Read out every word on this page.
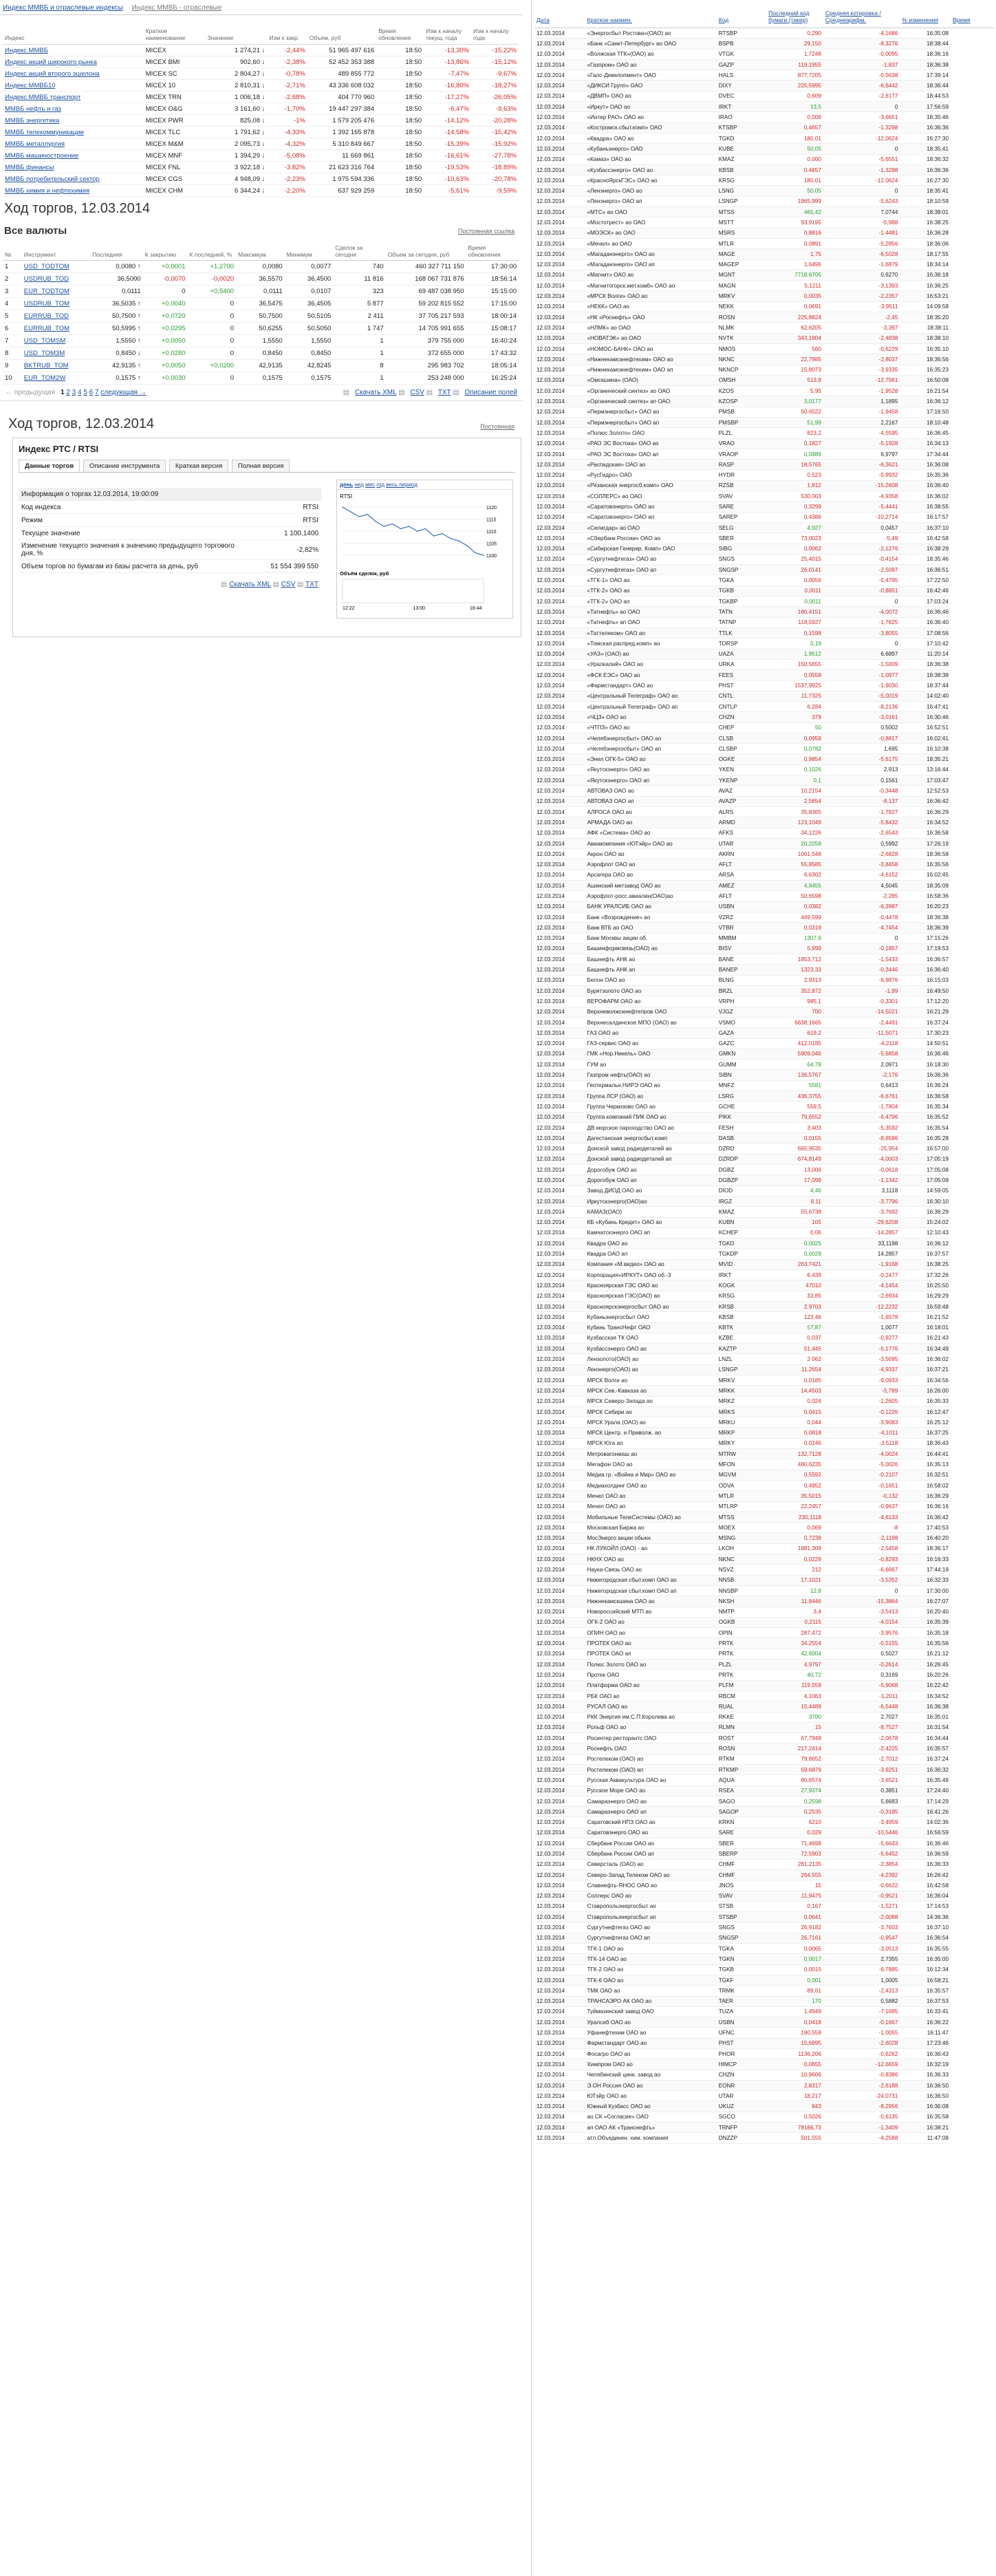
Индекс ММВБ и отраслевые индексы Индекс ММВБ - отраслевые
Индекс	Краткое наименование	Значение	Изм к закр.	Объем, руб	Время обновления	Изм к началу текущ. года	Изм к началу года
Индекс ММВБ	MICEX	1 274,21 ↓	-2,44%	51 965 497 616	18:50	-13,30%	-15,22%
Индекс акций широкого рынка	MICEX BMI	902,60 ↓	-2,38%	52 452 353 388	18:50	-13,86%	-15,12%
Индекс акций второго эшелона	MICEX SC	2 804,27 ↓	-0,78%	489 855 772	18:50	-7,47%	-9,67%
Индекс ММВБ10	MICEX 10	2 810,31 ↓	-2,71%	43 336 608 032	18:50	-16,80%	-18,27%
Индекс ММВБ транспорт	MICEX TRN	1 006,18 ↓	-2,68%	404 770 960	18:50	-17,27%	-26,05%
ММВБ нефть и газ	MICEX O&G	3 161,60 ↓	-1,70%	19 447 297 384	18:50	-6,47%	-9,63%
ММВБ энергетика	MICEX PWR	825,08 ↓	-1%	1 579 205 476	18:50	-14,12%	-20,28%
ММВБ телекоммуникации	MICEX TLC	1 791,62 ↓	-4,33%	1 392 165 878	18:50	-14,58%	-15,42%
ММВБ металлургия	MICEX M&M	2 095,73 ↓	-4,32%	5 310 849 667	18:50	-15,39%	-15,92%
ММВБ машиностроение	MICEX MNF	1 394,29 ↓	-5,08%	11 669 861	18:50	-16,61%	-27,78%
ММВБ финансы	MICEX FNL	3 922,18 ↓	-3,82%	21 623 316 764	18:50	-19,53%	-18,89%
ММВБ потребительский сектор	MICEX CGS	4 948,09 ↓	-2,23%	1 975 594 336	18:50	-10,63%	-20,78%
ММВБ химия и нефтехимия	MICEX CHM	6 344,24 ↓	-2,20%	637 929 259	18:50	-5,61%	-9,59%
Ход торгов, 12.03.2014
Все валюты	Постоянная ссылка
№	Инструмент	Последняя	К закрытию	К последней, %	Максимум	Минимум	Сделок за сегодня	Объем за сегодня, руб	Время обновления
1	USD_TODTOM	0,0080 ↑	+0,0001	+1,2700	0,0080	0,0077	740	460 327 711 150	17:30:00
2	USDRUB_TOD	36,5000	-0,0070	-0,0020	36,5570	36,4500	11 816	168 067 731 876	18:56:14
3	EUR_TODTOM	0,0111	0	+0,5400	0,0111	0,0107	323	69 487 038 950	15:15:00
4	USDRUB_TOM	36,5035 ↑	+0,0040	0	36,5475	36,4505	5 877	59 202 815 552	17:15:00
5	EURRUB_TOD	50,7500 ↑	+0,0720	0	50,7500	50,5105	2 411	37 705 217 593	18:00:14
6	EURRUB_TOM	50,5995 ↑	+0,0295	0	50,6255	50,5050	1 747	14 705 991 655	15:08:17
7	USD_TOMSM	1,5550 ↑	+0,0050	0	1,5550	1,5550	1	379 755 000	16:40:24
8	USD_TOM3M	0,8450 ↓	+0,0280	0	0,8450	0,8450	1	372 655 000	17:43:32
9	BKTRUB_TOM	42,9135 ↑	+0,0050	+0,0200	42,9135	42,8245	8	295 983 702	18:05:14
10	EUR_TOM2W	0,1575 ↑	+0,0030	0	0,1575	0,1575	1	253 248 000	16:25:24
← предыдущая 1 2 3 4 5 6 7 следующая →	▤ Скачать XML ▤ CSV ▤ TXT ▤ Описание полей
Ход торгов, 12.03.2014	Постоянная
Индекс РТС / RTSI
Данные торгов Описание инструмента Краткая версия Полная версия
Информация о торгах 12.03.2014, 19:00:09	
Код индекса	RTSI
Режим	RTSI
Текущее значение	1 100,1400
Изменение текущего значения к значению предыдущего торгового дня, %	-2,82%
Объем торгов по бумагам из базы расчета за день, руб	51 554 399 550
▤ Скачать XML ▤ CSV ▤ TXT	
день нед мес год весь период
RTSI
1120
1115
1110
1105
1100
Объём сделок, руб
12:22	13:00	16:44
Дата	Краткое наимен.	Код	Последний код бумаги (тикер)	Средняя котировка / Среднеарифм.	% изменения	Время
12.03.2014	«Энергосбыт Ростова»(ОАО) ао	RTSBP	0,290	-4,1686	16:35:08	
12.03.2014	«Банк «Санкт-Петербург» ао ОАО	BSPB	29,150	-8,3276	18:38:44	
12.03.2014	«Волжская ТГК»(ОАО) ао	VTGK	1,7248	-0,0095	18:36:16	
12.03.2014	«Газпром» ОАО ао	GAZP	119,1955	-1,837	18:36:38	
12.03.2014	«Галс-Девелопмент» ОАО	HALS	877,7205	-0,5638	17:39:14	
12.03.2014	«ДИКСИ Групп» ОАО	DIXY	225,5995	-6,6442	18:36:44	
12.03.2014	«ДВМП» ОАО ао	DVEC	0,609	-2,6177	18:44:53	
12.03.2014	«Иркут» ОАО ао	IRKT	13,5	0	17:56:59	
12.03.2014	«Интер РАО» ОАО ао	IRAO	0,006	-3,6651	18:35:46	
12.03.2014	«Костромск.сбыт.комп» ОАО	KTSBP	0,4657	-1,3298	16:36:36	
12.03.2014	«Квадра» ОАО ао	TGKD	180,01	-12,0624	16:27:30	
12.03.2014	«Кубаньэнерго» ОАО	KUBE	50,05	0	18:35:41	
12.03.2014	«Камаз» ОАО ао	KMAZ	0,000	-5,6551	18:36:32	
12.03.2014	«Кузбассэнерго» ОАО ао	KBSB	0,4657	-1,3298	16:36:36	
12.03.2014	«КрасноЯрскГЭС» ОАО ао	KRSG	180,01	-12,0624	16:27:30	
12.03.2014	«Ленэнерго» ОАО ао	LSNG	50,05	0	18:35:41	
12.03.2014	«Ленэнерго» ОАО ап	LSNGP	1965,999	-5,6243	18:10:59	
12.03.2014	«МТС» ао ОАО	MTSS	465,42	7,0744	18:38:01	
12.03.2014	«Мостотрест» ао ОАО	MSTT	93,9195	-5,988	16:38:25	
12.03.2014	«МОЭСК» ао ОАО	MSRS	0,8816	-1,4481	16:36:28	
12.03.2014	«Мечел» ао ОАО	MTLR	0,0891	-5,2856	18:36:06	
12.03.2014	«Магаданэнерго» ОАО ао	MAGE	1,75	-6,5028	18:17:55	
12.03.2014	«Магаданэнерго» ОАО ап	MAGEP	1,6496	-1,6879	18:34:14	
12.03.2014	«Магнит» ОАО ао	MGNT	7718,6705	0,6270	16:36:18	
12.03.2014	«Магнитогорск.мет.комб» ОАО ао	MAGN	5,1211	-3,1393	16:36:25	
12.03.2014	«МРСК Волги» ОАО ао	MRKV	0,0035	-2,2357	16:53:21	
12.03.2014	«НЕКК» ОАО ао	NEKK	0,0691	-3,9511	14:09:58	
12.03.2014	«НК «Роснефть» ОАО	ROSN	225,8824	-2,45	18:35:20	
12.03.2014	«НЛМК» ао ОАО	NLMK	62,6205	-3,397	18:38:11	
12.03.2014	«НОВАТЭК» ао ОАО	NVTK	343,1904	-2,4838	18:38:10	
12.03.2014	«НОМОС-БАНК» ОАО ао	NMOS	560	-0,6229	16:35:10	
12.03.2014	«Нижнекамскнефтехим» ОАО ао	NKNC	22,7985	-2,8037	18:36:56	
12.03.2014	«Нижнекамскнефтехим» ОАО ап	NKNCP	15,8073	-3,9335	16:35:23	
12.03.2014	«Омскшина» (ОАО)	OMSH	513,9	-12,7061	16:50:08	
12.03.2014	«Органический синтез» ао ОАО	KZOS	5,95	-1,9528	16:21:54	
12.03.2014	«Органический синтез» ап ОАО	KZOSP	3,0177	1,1895	16:36:12	
12.03.2014	«Пермэнергосбыт» ОАО ао	PMSB	50,6522	-1,9458	17:16:50	
12.03.2014	«Пермэнергосбыт» ОАО ап	PMSBP	51,99	2,2167	18:10:48	
12.03.2014	«Полюс Золото» ОАО	PLZL	823,2	-4,5595	16:36:45	
12.03.2014	«РАО ЭС Востока» ОАО ао	VRAO	0,1827	-5,1928	16:34:13	
12.03.2014	«РАО ЭС Востока» ОАО ап	VRAOP	0,0989	6,9797	17:34:44	
12.03.2014	«Распадская» ОАО ао	RASP	18,5765	-6,3621	16:36:08	
12.03.2014	«РусГидро» ОАО	HYDR	0,523	-5,9932	16:35:36	
12.03.2014	«Рязанская энергосб.комп» ОАО	RZSB	1,812	-15,2608	16:36:40	
12.03.2014	«СОЛЛЕРС» ао ОАО	SVAV	530,003	-4,9358	16:36:02	
12.03.2014	«Саратовэнерго» ОАО ао	SARE	0,3299	-5,4441	16:38:55	
12.03.2014	«Саратовэнерго» ОАО ап	SAREP	0,4386	-10,2714	16:17:57	
12.03.2014	«Селигдар» ао ОАО	SELG	4,927	0,0457	16:37:10	
12.03.2014	«Сбербанк России» ОАО ао	SBER	73,0023	-5,49	16:42:58	
12.03.2014	«Сибирская Генерир. Комп» ОАО	SIBG	0,0062	-2,1276	16:38:29	
12.03.2014	«Сургутнефтегаз» ОАО ао	SNGS	25,4015	-0,4154	18:35:46	
12.03.2014	«Сургутнефтегаз» ОАО ап	SNGSP	26,0141	-2,5097	16:36:51	
12.03.2014	«ТГК-1» ОАО ао	TGKA	0,0056	-5,4795	17:22:50	
12.03.2014	«ТГК-2» ОАО ао	TGKB	0,0011	-0,8851	16:42:46	
12.03.2014	«ТГК-2» ОАО ап	TGKBP	0,0011	0	17:03:24	
12.03.2014	«Татнефть» ао ОАО	TATN	180,4151	-4,0072	16:36:46	
12.03.2014	«Татнефть» ап ОАО	TATNP	118,5927	-1,7825	16:36:40	
12.03.2014	«Таттелеком» ОАО ао	TTLK	0,1598	-3,8055	17:08:56	
12.03.2014	«Томская распред.комп» ао	TORSP	0,19	0	17:10:42	
12.03.2014	«УАЗ» (ОАО) ао	UAZA	1,9512	6,6897	11:20:14	
12.03.2014	«Уралкалий» ОАО ао	URKA	150,5655	-1,5009	18:36:38	
12.03.2014	«ФСК ЕЭС» ОАО ао	FEES	0,0558	-1,0977	18:38:38	
12.03.2014	«Фармстандарт» ОАО ао	PHST	1537,9925	-1,9030	18:37:44	
12.03.2014	«Центральный Телеграф» ОАО ао	CNTL	11,7325	-5,0019	14:02:40	
12.03.2014	«Центральный Телеграф» ОАО ап	CNTLP	6,284	-8,2136	16:47:41	
12.03.2014	«ЧЦЗ» ОАО ао	CHZN	379	-3,0161	16:30:46	
12.03.2014	«ЧТПЗ» ОАО ао	CHEP	50	0,5002	16:52:51	
12.03.2014	«Челябэнергосбыт» ОАО ао	CLSB	0,0958	-0,8817	16:02:41	
12.03.2014	«Челябэнергосбыт» ОАО ап	CLSBP	0,0782	1,695	16:10:38	
12.03.2014	«Энел ОГК-5» ОАО ао	OGKE	0,9854	-5,6175	18:35:21	
12.03.2014	«Якутскэнерго» ОАО ао	YKEN	0,1026	2,913	13:16:44	
12.03.2014	«Якутскэнерго» ОАО ап	YKENP	0,1	0,1561	17:03:47	
12.03.2014	АВТОВАЗ ОАО ао	AVAZ	10,2154	-0,3448	12:52:53	
12.03.2014	АВТОВАЗ ОАО ап	AVAZP	2,5654	-8,137	16:36:42	
12.03.2014	АЛРОСА ОАО ао	ALRS	35,8365	-1,7827	16:36:29	
12.03.2014	АРМАДА ОАО ао	ARMD	123,1049	-5,8432	16:34:52	
12.03.2014	АФК «Система» ОАО ао	AFKS	34,1226	-2,6543	16:36:58	
12.03.2014	Авиакомпания «ЮТэйр» ОАО ао	UTAR	20,2258	0,5992	17:26:19	
12.03.2014	Акрон ОАО ао	AKRN	1061,548	-2,6828	18:36:58	
12.03.2014	Аэрофлот ОАО ао	AFLT	55,8585	-3,8458	16:35:56	
12.03.2014	Арсагера ОАО ао	ARSA	6,6302	-4,6152	16:02:45	
12.03.2014	Ашинский метзавод ОАО ао	AMEZ	4,8455	4,5045	18:35:09	
12.03.2014	Аэрофлот-росс.авиалин(ОАО)ао	AFLT	50,6598	-2,285	16:58:36	
12.03.2014	БАНК УРАЛСИБ ОАО ао	USBN	0,0382	-6,3987	16:20:23	
12.03.2014	Банк «Возрождение» ао	VZRZ	449,599	-0,4478	18:36:38	
12.03.2014	Банк ВТБ ао ОАО	VTBR	0,0319	-4,7454	18:36:39	
12.03.2014	Банк Москвы акции об.	MMBM	1307,9	0	17:15:26	
12.03.2014	Башинформсвязь(ОАО) ао	BISV	5,999	-0,1857	17:19:53	
12.03.2014	Башнефть АНК ао	BANE	1853,712	-1,5433	16:36:57	
12.03.2014	Башнефть АНК ап	BANEP	1323,33	-0,3446	16:36:40	
12.03.2014	Белон ОАО ао	BLNG	2,9313	-6,9876	16:15:03	
12.03.2014	Бурятзолото ОАО ао	BRZL	352,872	-1,99	16:49:50	
12.03.2014	ВЕРОФАРМ ОАО ао	VRPH	985,1	-0,3301	17:12:20	
12.03.2014	Верхневолжскнефтепров ОАО	VJGZ	700	-14,5021	16:21:29	
12.03.2014	Верхнесалдинское МПО (ОАО) ао	VSMO	6638,1665	-2,4491	16:37:24	
12.03.2014	ГАЗ ОАО ао	GAZA	619,2	-11,5071	17:30:23	
12.03.2014	ГАЗ-сервис ОАО ао	GAZC	412,0185	-4,2118	14:50:51	
12.03.2014	ГМК «Нор.Никель» ОАО	GMKN	5909,046	-5,6858	16:36:46	
12.03.2014	ГУМ ао	GUMM	64,78	2,0971	16:18:30	
12.03.2014	Газпром нефть(ОАО) ао	SIBN	136,5767	-2,176	16:36:36	
12.03.2014	Геотермальн.НИРЭ ОАО ао	MNFZ	5581	0,6413	16:36:24	
12.03.2014	Группа ЛСР (ОАО) ао	LSRG	436,3755	-6,6761	16:36:58	
12.03.2014	Группа Черкизово ОАО ао	GCHE	559,5	-1,7804	16:35:34	
12.03.2014	Группа компаний ПИК ОАО ао	PIKK	79,6552	-6,4796	16:35:52	
12.03.2014	ДВ морское пароходство ОАО ао	FESH	3,403	-5,3592	16:35:54	
12.03.2014	Дагестанская энергосбыт.комп	DASB	0,0155	-8,6596	16:35:28	
12.03.2014	Донской завод радиодеталей ао	DZRD	665,9535	-25,954	16:57:00	
12.03.2014	Донской завод радиодеталей ап	DZRDP	674,8149	-4,0003	17:05:19	
12.03.2014	Дорогобуж ОАО ао	DGBZ	13,006	-0,0618	17:05:08	
12.03.2014	Дорогобуж ОАО ап	DGBZP	17,098	-1,1342	17:05:09	
12.03.2014	Завод ДИОД ОАО ао	DIOD	4,46	3,1118	14:59:05	
12.03.2014	Иркутскэнерго(ОАО)ао	IRGZ	8,11	-3,7796	16:30:10	
12.03.2014	КАМАЗ(ОАО)	KMAZ	55,6738	-3,7692	16:36:29	
12.03.2014	КБ «Кубань Кредит» ОАО ао	KUBN	105	-29,6208	15:24:02	
12.03.2014	Камчатскэнерго ОАО ап	KCHEP	0,06	-14,2857	12:10:43	
12.03.2014	Квадра ОАО ао	TGKD	0,0025	33,1198	16:36:12	
12.03.2014	Квадра ОАО ап	TGKDP	0,0029	14,2857	16:37:57	
12.03.2014	Компания «М.видео» ОАО ао	MVID	263,7421	-1,9168	16:38:25	
12.03.2014	Корпорация«ИРКУТ» ОАО об.-3	IRKT	6,439	-0,2477	17:32:26	
12.03.2014	Красноярская ГЭС ОАО ао	KOGK	47010	-4,1454	16:25:50	
12.03.2014	Красноярская ГЭС(ОАО) ао	KRSG	33,85	-2,6934	16:29:29	
12.03.2014	Красноярскэнергосбыт ОАО ао	KRSB	2,9703	-12,2232	16:59:48	
12.03.2014	Кубаньэнергосбыт ОАО	KBSB	123,46	-1,6578	16:21:52	
12.03.2014	Кубань ТрансНефт ОАО	KBTK	57,87	1,0077	16:18:01	
12.03.2014	Кузбасская ТК ОАО	KZBE	0,037	-0,9277	16:21:43	
12.03.2014	Кузбассэнерго ОАО ао	KAZTP	51,445	-5,1776	16:34:49	
12.03.2014	Лензолото(ОАО) ао	LNZL	2 062	-3,5695	16:36:02	
12.03.2014	Ленэнерго(ОАО) ао	LSNGP	11,2654	-4,9337	16:37:21	
12.03.2014	МРСК Волги ао	MRKV	0,0185	-9,0933	16:34:56	
12.03.2014	МРСК Сев.-Кавказа ао	MRKK	14,4503	-5,789	16:26:00	
12.03.2014	МРСК Северо-Запада ао	MRKZ	0,024	-1,2605	16:35:33	
12.03.2014	МРСК Сибири ао	MRKS	0,0415	-0,1226	16:12:47	
12.03.2014	МРСК Урала (ОАО) ао	MRKU	0,044	-3,9083	16:25:12	
12.03.2014	МРСК Центр. и Приволж. ао	MRKP	0,0818	-4,1011	16:37:25	
12.03.2014	МРСК Юга ао	MRKY	0,0246	-3,5118	18:36:43	
12.03.2014	Метровагонмаш ао	MTRW	132,7128	-4,0024	16:44:41	
12.03.2014	Мегафон ОАО ао	MFON	480,6235	-5,0026	16:35:13	
12.03.2014	Медиа гр. «Война и Мир» ОАО ао	MGVM	0,5592	-0,2107	16:32:51	
12.03.2014	Медиахолдинг ОАО ао	ODVA	0,4952	-0,1651	16:58:02	
12.03.2014	Мечел ОАО ао	MTLR	35,5015	-0,132	16:36:29	
12.03.2014	Мечел ОАО ап	MTLRP	22,2457	-0,9637	16:36:16	
12.03.2014	Мобильные ТелеСистемы (ОАО) ао	MTSS	230,1118	-4,6133	16:36:42	
12.03.2014	Московская Биржа ао	MOEX	0,069	-8	17:40:53	
12.03.2014	МосЭнерго акции обыкн.	MSNG	0,7238	-2,1198	16:40:20	
12.03.2014	НК ЛУКОЙЛ (ОАО) - ао	LKOH	1881,308	-2,5458	18:36:17	
12.03.2014	НКНХ ОАО ао	NKNC	0,0229	-0,8293	16:16:33	
12.03.2014	Наука-Связь ОАО ао	NSVZ	212	-6,6667	17:44:19	
12.03.2014	Нижегородская сбыт.комп ОАО ао	NNSB	17,1021	-3,5352	16:32:33	
12.03.2014	Нижегородская сбыт.комп ОАО ап	NNSBP	12,8	0	17:30:00	
12.03.2014	Нижнекамскшина ОАО ао	NKSH	11,8446	-15,3864	16:27:07	
12.03.2014	Новороссийский МТП ао	NMTP	3,4	-3,5413	16:20:40	
12.03.2014	ОГК-2 ОАО ао	OGKB	0,2115	-4,0154	16:35:39	
12.03.2014	ОПИН ОАО ао	OPIN	287,472	-3,9576	16:35:18	
12.03.2014	ПРОТЕК ОАО ао	PRTK	34,2554	-0,5155	16:35:56	
12.03.2014	ПРОТЕК ОАО ап	PRTK	42,6004	0,5027	16:21:12	
12.03.2014	Полюс Золото ОАО ао	PLZL	4,9797	-0,2614	16:26:45	
12.03.2014	Протек ОАО	PRTK	40,72	0,3169	16:20:26	
12.03.2014	Платформа ОАО ао	PLFM	119,559	-5,9068	16:22:42	
12.03.2014	РБК ОАО ао	RBCM	4,1063	-1,2011	16:34:52	
12.03.2014	РУСАЛ ОАО ао	RUAL	15,4489	-6,5448	16:36:38	
12.03.2014	РКК Энергия им.С.П.Королева ао	RKKE	3700	2,7027	16:35:01	
12.03.2014	Рольф ОАО ао	RLMN	15	-8,7527	16:31:54	
12.03.2014	Росинтер ресторантс ОАО	ROST	67,7948	-2,0678	16:34:44	
12.03.2014	Роснефть ОАО	ROSN	217,2414	-2,4225	16:35:57	
12.03.2014	Ростелеком (ОАО) ао	RTKM	79,8652	-2,7012	16:37:24	
12.03.2014	Ростелеком (ОАО) ап	RTKMP	59,6879	-3,9251	16:36:32	
12.03.2014	Русская Аквакультура ОАО ао	AQUA	80,6574	-3,6521	16:35:49	
12.03.2014	Русское Море ОАО ао	RSEA	27,9374	0,3851	17:24:40	
12.03.2014	Самараэнерго ОАО ао	SAGO	0,2598	5,6683	17:14:29	
12.03.2014	Самараэнерго ОАО ап	SAGOP	0,2535	-0,3195	16:41:26	
12.03.2014	Саратовский НПЗ ОАО ао	KRKN	6210	-3,4959	14:02:36	
12.03.2014	Саратовэнерго ОАО ао	SARE	0,029	-10,5446	16:56:59	
12.03.2014	Сбербанк России ОАО ао	SBER	71,4698	-5,6643	16:36:46	
12.03.2014	Сбербанк России ОАО ап	SBERP	72,5903	-5,6452	16:36:59	
12.03.2014	Северсталь (ОАО) ао	CHMF	281,2135	-2,3854	16:36:33	
12.03.2014	Северо-Запад.Телеком ОАО ао	CHMF	264,555	-4,2392	16:26:42	
12.03.2014	Славнефть-ЯНОС ОАО ао	JNOS	15	-0,6622	16:42:58	
12.03.2014	Соллерс ОАО ао	SVAV	11,9475	-0,9521	16:36:04	
12.03.2014	Ставропольэнергосбыт ао	STSB	0,167	-1,5271	17:14:53	
12.03.2014	Ставропольэнергосбыт ап	STSBP	0,0641	-2,0088	14:36:36	
12.03.2014	Сургутнефтегаз ОАО ао	SNGS	26,9182	-3,7603	16:37:10	
12.03.2014	Сургутнефтегаз ОАО ап	SNGSP	26,7161	-0,9547	16:36:54	
12.03.2014	ТГК-1 ОАО ао	TGKA	0,0065	-3,0513	16:35:55	
12.03.2014	ТГК-14 ОАО ао	TGKN	0,0017	2,7355	16:35:00	
12.03.2014	ТГК-2 ОАО ао	TGKB	0,0015	-6,7885	16:12:34	
12.03.2014	ТГК-6 ОАО ао	TGKF	0,001	1,0005	16:58:21	
12.03.2014	ТМК ОАО ао	TRMK	89,61	-2,4313	16:35:57	
12.03.2014	ТРАНСАЭРО АК ОАО ао	TAER	170	0,5882	16:37:53	
12.03.2014	Туймазинский завод ОАО	TUZA	1,4949	-7,1695	16:33:41	
12.03.2014	Уралсиб ОАО ао	USBN	0,0418	-0,1667	16:36:22	
12.03.2014	Уфанефтехим ОАО ао	UFNC	190,558	-1,0055	16:11:47	
12.03.2014	Фармстандарт ОАО ао	PHST	15,6995	-2,6028	17:23:46	
12.03.2014	Фосагро ОАО ао	PHOR	1136,206	-0,6262	16:36:43	
12.03.2014	Химпром ОАО ао	HIMCP	0,0655	-12,6659	16:32:19	
12.03.2014	Челябинский цинк. завод ао	CHZN	10,9606	-0,8386	16:36:33	
12.03.2014	Э.ОН Россия ОАО ао	EONR	2,8317	-2,6188	16:36:50	
12.03.2014	ЮТэйр ОАО ао	UTAR	18,217	-24,0731	16:36:50	
12.03.2014	Южный Кузбасс ОАО ао	UKUZ	843	-8,2956	16:36:08	
12.03.2014	ао СК «Согласие» ОАО	SGCO	0,5026	-0,6135	16:35:58	
12.03.2014	ап ОАО АК «Транснефть»	TRNFP	78186,73	-1,3409	16:38:21	
12.03.2014	атл.Объединен. хим. компания	DNZZP	501,555	-4,2588	11:47:08	
